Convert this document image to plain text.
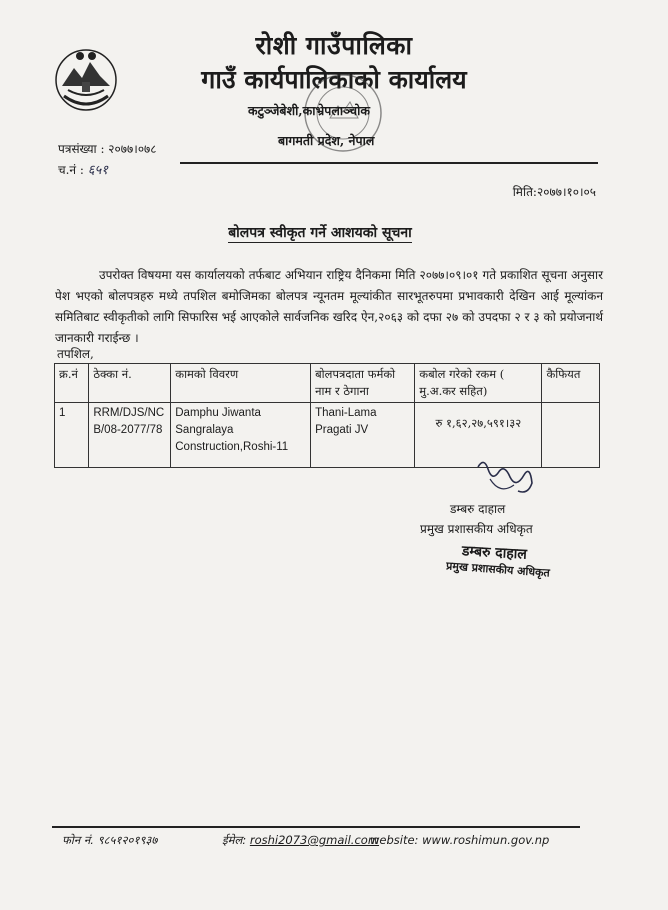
रोशी गाउँपालिका
गाउँ कार्यपालिकाको कार्यालय
कटुञ्जेबेशी,काभ्रेपलाञ्चोक
बागमती प्रदेश, नेपाल
पत्रसंख्या : २०७७।०७८
च.नं : ६५१
मिति:२०७७।१०।०५
बोलपत्र स्वीकृत गर्ने आशयको सूचना
उपरोक्त विषयमा यस कार्यालयको तर्फबाट अभियान राष्ट्रिय दैनिकमा मिति २०७७।०९।०१ गते प्रकाशित सूचना अनुसार पेश भएको बोलपत्रहरु मध्ये तपशिल बमोजिमका बोलपत्र न्यूनतम मूल्यांकीत सारभूतरुपमा प्रभावकारी देखिन आई मूल्यांकन समितिबाट स्वीकृतीको लागि सिफारिस भई आएकोले सार्वजनिक खरिद ऐन,२०६३ को दफा २७ को उपदफा २ र ३ को प्रयोजनार्थ जानकारी गराईन्छ ।
तपशिल,
क्र.नं	ठेक्का नं.	कामको विवरण	बोलपत्रदाता फर्मको नाम र ठेगाना	कबोल गरेको रकम ( मु.अ.कर सहित)	कैफियत
1	RRM/DJS/NCB/08-2077/78	Damphu Jiwanta Sangralaya Construction,Roshi-11	Thani-Lama Pragati JV	रु १,६२,२७,५९१।३२	
डम्बरु दाहाल
प्रमुख प्रशासकीय अधिकृत
डम्बरु दाहाल
प्रमुख प्रशासकीय अधिकृत
फोन नं. ९८५१२०१९३७	ईमेल: roshi2073@gmail.com
website: www.roshimun.gov.np
